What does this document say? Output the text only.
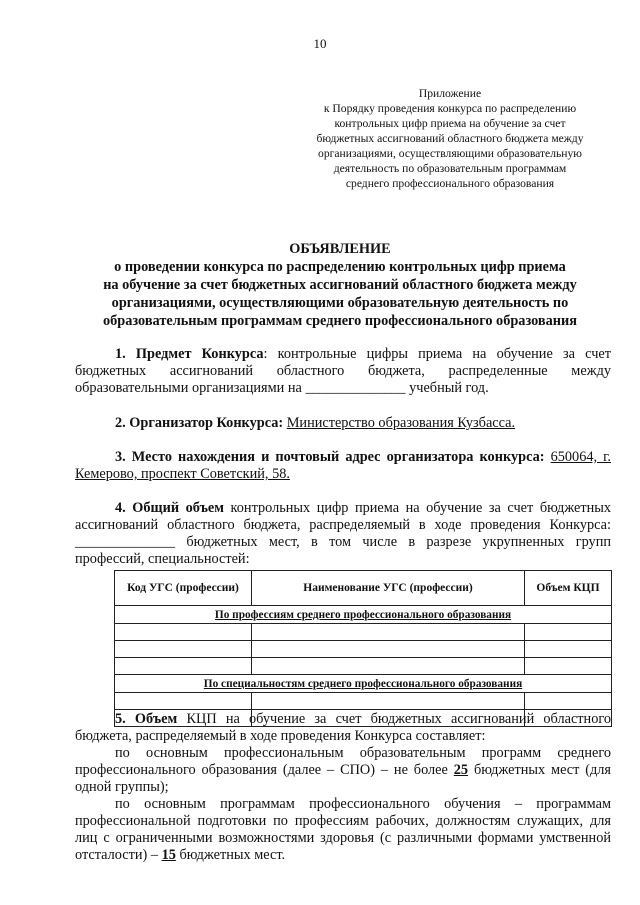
10
Приложение
к Порядку проведения конкурса по распределению
контрольных цифр приема на обучение за счет
бюджетных ассигнований областного бюджета между
организациями, осуществляющими образовательную
деятельность по образовательным программам
среднего профессионального образования
ОБЪЯВЛЕНИЕ
о проведении конкурса по распределению контрольных цифр приема
на обучение за счет бюджетных ассигнований областного бюджета между
организациями, осуществляющими образовательную деятельность по
образовательным программам среднего профессионального образования

1. Предмет Конкурса: контрольные цифры приема на обучение за счет бюджетных ассигнований областного бюджета, распределенные между образовательными организациями на ______________ учебный год.

2. Организатор Конкурса: Министерство образования Кузбасса.

3. Место нахождения и почтовый адрес организатора конкурса: 650064, г. Кемерово, проспект Советский, 58.

4. Общий объем контрольных цифр приема на обучение за счет бюджетных ассигнований областного бюджета, распределяемый в ходе проведения Конкурса: ______________ бюджетных мест, в том числе в разрезе укрупненных групп профессий, специальностей:

Код УГС (профессии)	Наименование УГС (профессии)	Объем КЦП
По профессиям среднего профессионального образования		

По специальностям среднего профессионального образования		

5. Объем КЦП на обучение за счет бюджетных ассигнований областного бюджета, распределяемый в ходе проведения Конкурса составляет:

по основным профессиональным образовательным программ среднего профессионального образования (далее – СПО) – не более 25 бюджетных мест (для одной группы);

по основным программам профессионального обучения – программам профессиональной подготовки по профессиям рабочих, должностям служащих, для лиц с ограниченными возможностями здоровья (с различными формами умственной отсталости) – 15 бюджетных мест.
